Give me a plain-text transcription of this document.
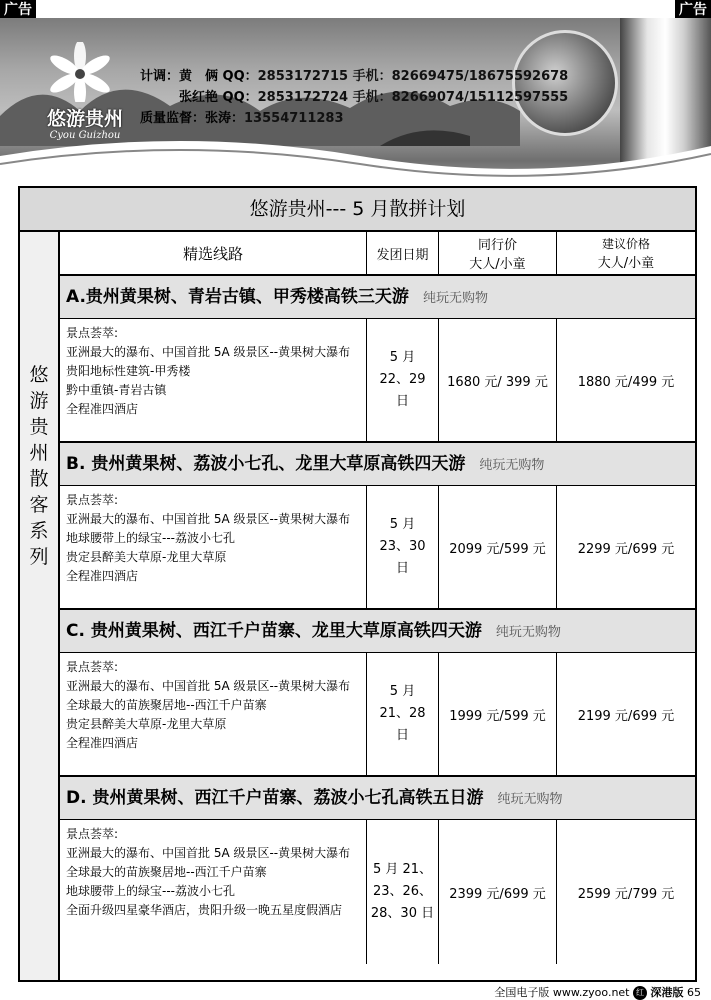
广告	广告
悠游贵州
Cyou Guizhou
计调：黄　俩 QQ：2853172715 手机：82669475/18675592678
　　　张红艳 QQ：2853172724 手机：82669074/15112597555
质量监督：张涛：13554711283
悠游贵州--- 5 月散拼计划
悠
游
贵
州
散
客
系
列
精选线路	发团日期
同行价
大人/小童
建议价格
大人/小童
A.贵州黄果树、青岩古镇、甲秀楼高铁三天游 纯玩无购物
景点荟萃:
亚洲最大的瀑布、中国首批 5A 级景区--黄果树大瀑布
贵阳地标性建筑-甲秀楼
黔中重镇-青岩古镇
全程准四酒店
5 月 22、29 日
1680 元/ 399 元 1880 元/499 元
B. 贵州黄果树、荔波小七孔、龙里大草原高铁四天游 纯玩无购物
景点荟萃:
亚洲最大的瀑布、中国首批 5A 级景区--黄果树大瀑布
地球腰带上的绿宝---荔波小七孔
贵定县醉美大草原-龙里大草原
全程准四酒店
5 月 23、30 日
2099 元/599 元 2299 元/699 元
C. 贵州黄果树、西江千户苗寨、龙里大草原高铁四天游 纯玩无购物
景点荟萃:
亚洲最大的瀑布、中国首批 5A 级景区--黄果树大瀑布
全球最大的苗族聚居地--西江千户苗寨
贵定县醉美大草原-龙里大草原
全程准四酒店
5 月 21、28 日
1999 元/599 元 2199 元/699 元
D. 贵州黄果树、西江千户苗寨、荔波小七孔高铁五日游 纯玩无购物
景点荟萃:
亚洲最大的瀑布、中国首批 5A 级景区--黄果树大瀑布
全球最大的苗族聚居地--西江千户苗寨
地球腰带上的绿宝---荔波小七孔
全面升级四星豪华酒店，贵阳升级一晚五星度假酒店
5 月 21、23、26、28、30 日
2399 元/699 元 2599 元/799 元
全国电子版 www.zyoo.net 红 深港版 65
